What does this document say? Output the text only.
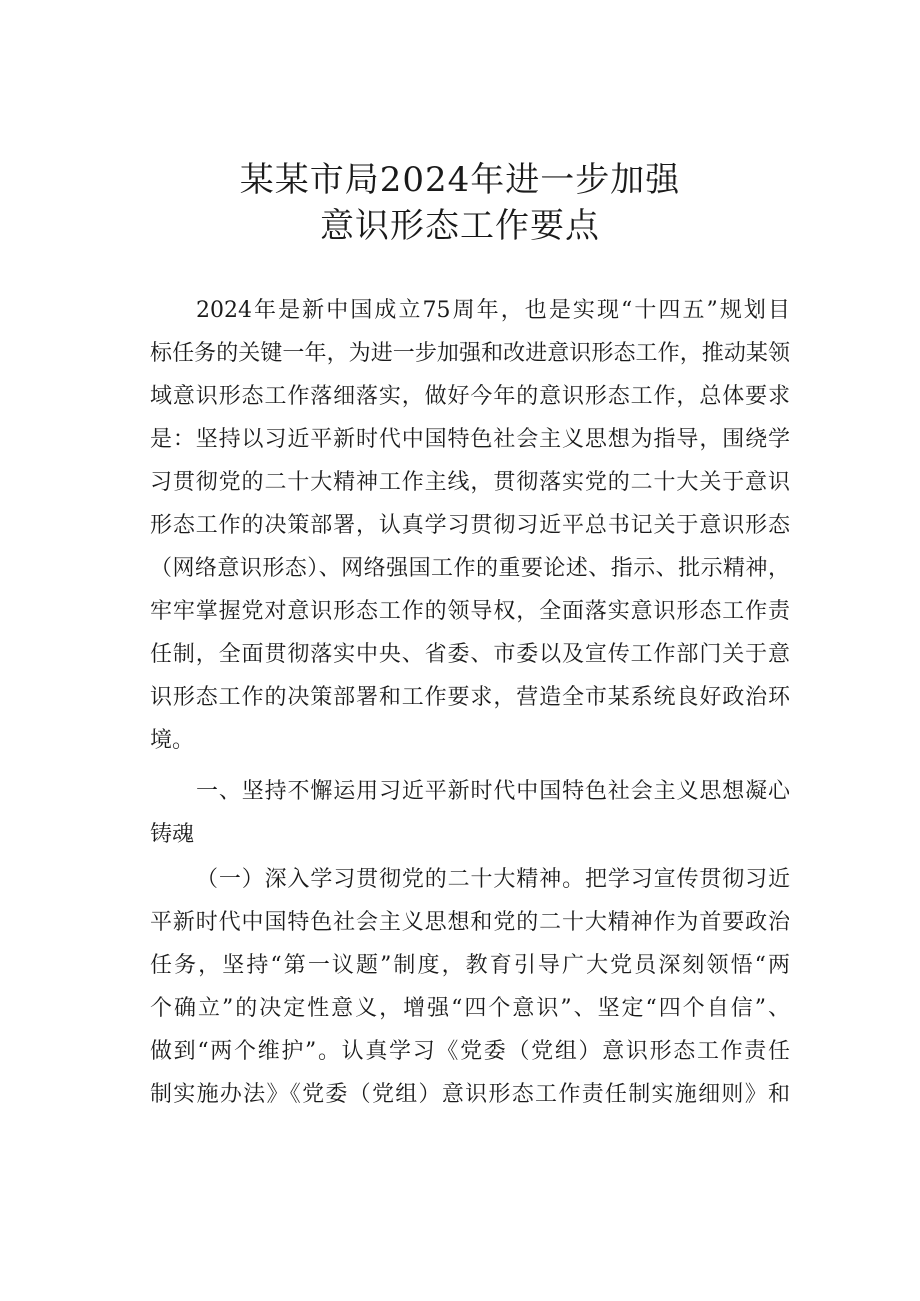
某某市局2024年进一步加强
意识形态工作要点
2024年是新中国成立75周年，也是实现“十四五”规划目
标任务的关键一年，为进一步加强和改进意识形态工作，推动某领
域意识形态工作落细落实，做好今年的意识形态工作，总体要求
是：坚持以习近平新时代中国特色社会主义思想为指导，围绕学
习贯彻党的二十大精神工作主线，贯彻落实党的二十大关于意识
形态工作的决策部署，认真学习贯彻习近平总书记关于意识形态
（网络意识形态）、网络强国工作的重要论述、指示、批示精神，
牢牢掌握党对意识形态工作的领导权，全面落实意识形态工作责
任制，全面贯彻落实中央、省委、市委以及宣传工作部门关于意
识形态工作的决策部署和工作要求，营造全市某系统良好政治环
境。
一、坚持不懈运用习近平新时代中国特色社会主义思想凝心
铸魂
（一）深入学习贯彻党的二十大精神。把学习宣传贯彻习近
平新时代中国特色社会主义思想和党的二十大精神作为首要政治
任务，坚持“第一议题”制度，教育引导广大党员深刻领悟“两
个确立”的决定性意义，增强“四个意识”、坚定“四个自信”、
做到“两个维护”。认真学习《党委（党组）意识形态工作责任
制实施办法》《党委（党组）意识形态工作责任制实施细则》和
